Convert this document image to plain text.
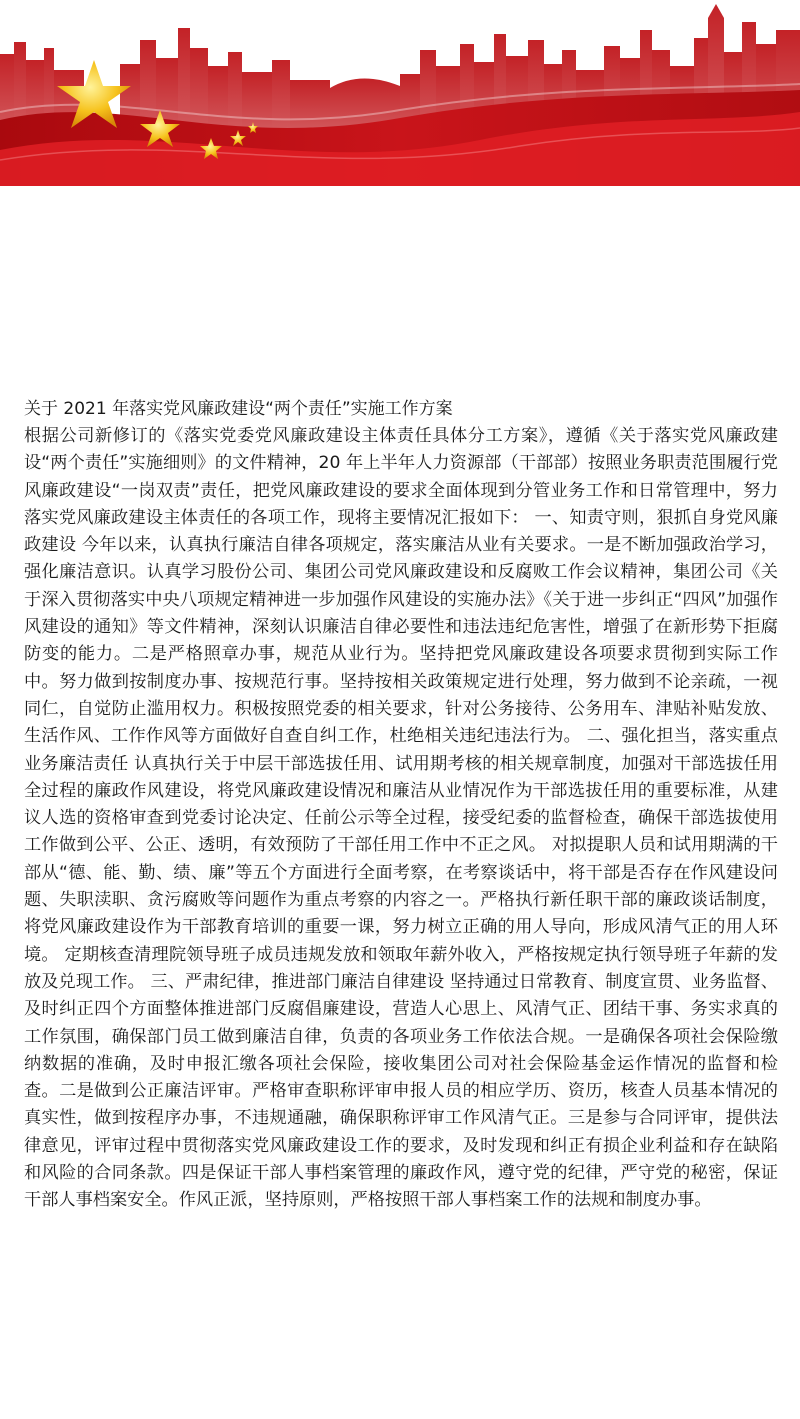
关于 2021 年落实党风廉政建设“两个责任”实施工作方案

根据公司新修订的《落实党委党风廉政建设主体责任具体分工方案》，遵循《关于落实党风廉政建设“两个责任”实施细则》的文件精神，20 年上半年人力资源部（干部部）按照业务职责范围履行党风廉政建设“一岗双责”责任，把党风廉政建设的要求全面体现到分管业务工作和日常管理中，努力落实党风廉政建设主体责任的各项工作，现将主要情况汇报如下： 一、知责守则，狠抓自身党风廉政建设 今年以来，认真执行廉洁自律各项规定，落实廉洁从业有关要求。一是不断加强政治学习，强化廉洁意识。认真学习股份公司、集团公司党风廉政建设和反腐败工作会议精神，集团公司《关于深入贯彻落实中央八项规定精神进一步加强作风建设的实施办法》《关于进一步纠正“四风”加强作风建设的通知》等文件精神，深刻认识廉洁自律必要性和违法违纪危害性，增强了在新形势下拒腐防变的能力。二是严格照章办事，规范从业行为。坚持把党风廉政建设各项要求贯彻到实际工作中。努力做到按制度办事、按规范行事。坚持按相关政策规定进行处理，努力做到不论亲疏，一视同仁，自觉防止滥用权力。积极按照党委的相关要求，针对公务接待、公务用车、津贴补贴发放、生活作风、工作作风等方面做好自查自纠工作，杜绝相关违纪违法行为。 二、强化担当，落实重点业务廉洁责任 认真执行关于中层干部选拔任用、试用期考核的相关规章制度，加强对干部选拔任用全过程的廉政作风建设，将党风廉政建设情况和廉洁从业情况作为干部选拔任用的重要标准，从建议人选的资格审查到党委讨论决定、任前公示等全过程，接受纪委的监督检查，确保干部选拔使用工作做到公平、公正、透明，有效预防了干部任用工作中不正之风。 对拟提职人员和试用期满的干部从“德、能、勤、绩、廉”等五个方面进行全面考察，在考察谈话中，将干部是否存在作风建设问题、失职渎职、贪污腐败等问题作为重点考察的内容之一。严格执行新任职干部的廉政谈话制度，将党风廉政建设作为干部教育培训的重要一课，努力树立正确的用人导向，形成风清气正的用人环境。 定期核查清理院领导班子成员违规发放和领取年薪外收入，严格按规定执行领导班子年薪的发放及兑现工作。 三、严肃纪律，推进部门廉洁自律建设 坚持通过日常教育、制度宣贯、业务监督、及时纠正四个方面整体推进部门反腐倡廉建设，营造人心思上、风清气正、团结干事、务实求真的工作氛围，确保部门员工做到廉洁自律，负责的各项业务工作依法合规。一是确保各项社会保险缴纳数据的准确，及时申报汇缴各项社会保险，接收集团公司对社会保险基金运作情况的监督和检查。二是做到公正廉洁评审。严格审查职称评审申报人员的相应学历、资历，核查人员基本情况的真实性，做到按程序办事，不违规通融，确保职称评审工作风清气正。三是参与合同评审，提供法律意见，评审过程中贯彻落实党风廉政建设工作的要求，及时发现和纠正有损企业利益和存在缺陷和风险的合同条款。四是保证干部人事档案管理的廉政作风，遵守党的纪律，严守党的秘密，保证干部人事档案安全。作风正派，坚持原则，严格按照干部人事档案工作的法规和制度办事。
